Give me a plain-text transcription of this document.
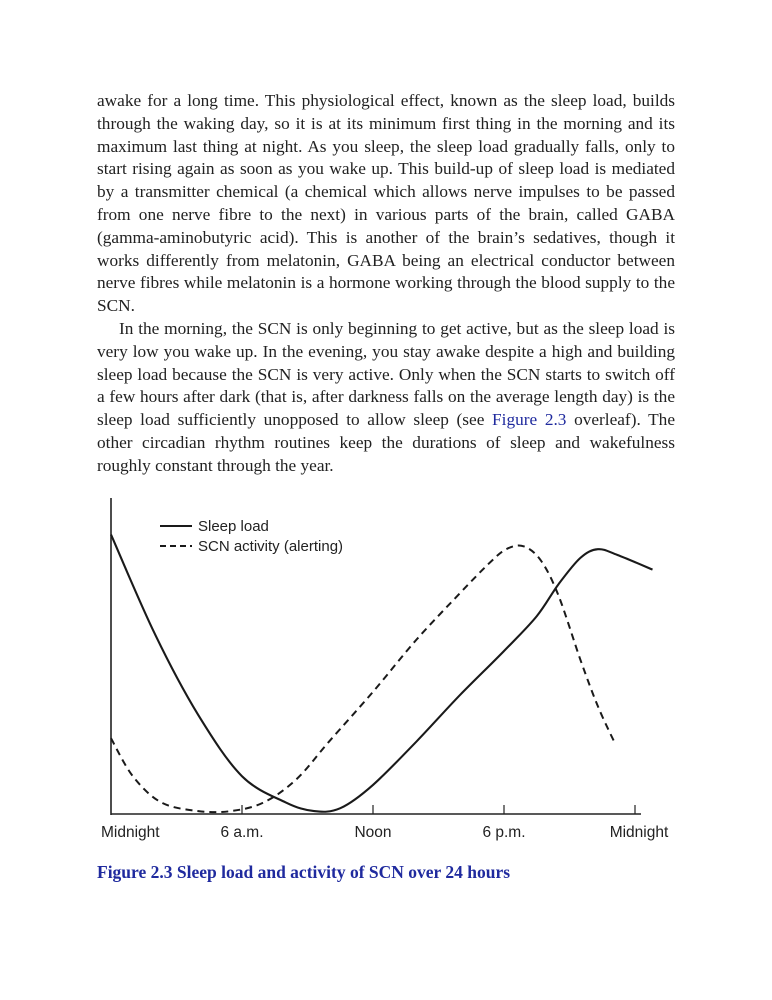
awake for a long time. This physiological effect, known as the sleep load, builds through the waking day, so it is at its minimum first thing in the morning and its maximum last thing at night. As you sleep, the sleep load gradually falls, only to start rising again as soon as you wake up. This build-up of sleep load is mediated by a transmitter chemical (a chemical which allows nerve impulses to be passed from one nerve fibre to the next) in various parts of the brain, called GABA (gamma-aminobutyric acid). This is another of the brain’s sedatives, though it works differently from melatonin, GABA being an electrical conductor between nerve fibres while melatonin is a hormone working through the blood supply to the SCN.

In the morning, the SCN is only beginning to get active, but as the sleep load is very low you wake up. In the evening, you stay awake despite a high and building sleep load because the SCN is very active. Only when the SCN starts to switch off a few hours after dark (that is, after darkness falls on the average length day) is the sleep load sufficiently unopposed to allow sleep (see Figure 2.3 overleaf). The other circadian rhythm routines keep the durations of sleep and wakefulness roughly constant through the year.

Midnight	6 a.m.	Noon	6 p.m.	Midnight
Sleep load
SCN activity (alerting)

Figure 2.3 Sleep load and activity of SCN over 24 hours
